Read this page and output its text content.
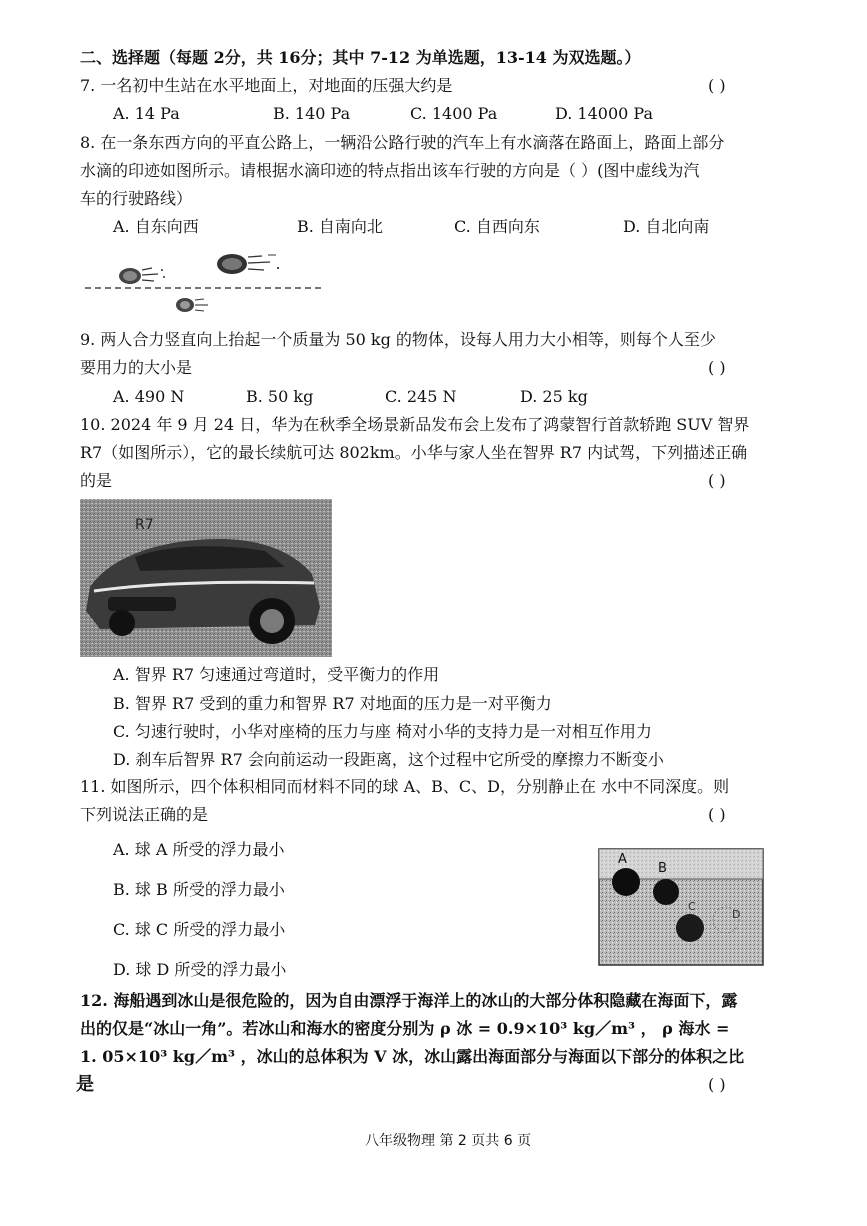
二、选择题（每题 2分，共 16分；其中 7-12 为单选题，13-14 为双选题。）
7. 一名初中生站在水平地面上，对地面的压强大约是	( )
A. 14 Pa	B. 140 Pa	C. 1400 Pa	D. 14000 Pa
8. 在一条东西方向的平直公路上，一辆沿公路行驶的汽车上有水滴落在路面上，路面上部分
水滴的印迹如图所示。请根据水滴印迹的特点指出该车行驶的方向是（ ）(图中虚线为汽
车的行驶路线）
A. 自东向西	B. 自南向北	C. 自西向东	D. 自北向南
9. 两人合力竖直向上抬起一个质量为 50 kg 的物体，设每人用力大小相等，则每个人至少
要用力的大小是	( )
A. 490 N	B. 50 kg	C. 245 N	D. 25 kg
10. 2024 年 9 月 24 日，华为在秋季全场景新品发布会上发布了鸿蒙智行首款轿跑 SUV 智界
R7（如图所示），它的最长续航可达 802km。小华与家人坐在智界 R7 内试驾，下列描述正确
的是	( )
R7
A. 智界 R7 匀速通过弯道时，受平衡力的作用
B. 智界 R7 受到的重力和智界 R7 对地面的压力是一对平衡力
C. 匀速行驶时，小华对座椅的压力与座 椅对小华的支持力是一对相互作用力
D. 刹车后智界 R7 会向前运动一段距离，这个过程中它所受的摩擦力不断变小
11. 如图所示，四个体积相同而材料不同的球 A、B、C、D，分别静止在 水中不同深度。则
下列说法正确的是	( )
A. 球 A 所受的浮力最小
B. 球 B 所受的浮力最小
C. 球 C 所受的浮力最小
D. 球 D 所受的浮力最小
A
B
C
D
12. 海船遇到冰山是很危险的，因为自由漂浮于海洋上的冰山的大部分体积隐藏在海面下，露
出的仅是“冰山一角”。若冰山和海水的密度分别为 ρ 冰 = 0.9×10³ kg／m³ ， ρ 海水 =
1. 05×10³ kg／m³ ，冰山的总体积为 V 冰，冰山露出海面部分与海面以下部分的体积之比
是	( )
八年级物理 第 2 页共 6 页
